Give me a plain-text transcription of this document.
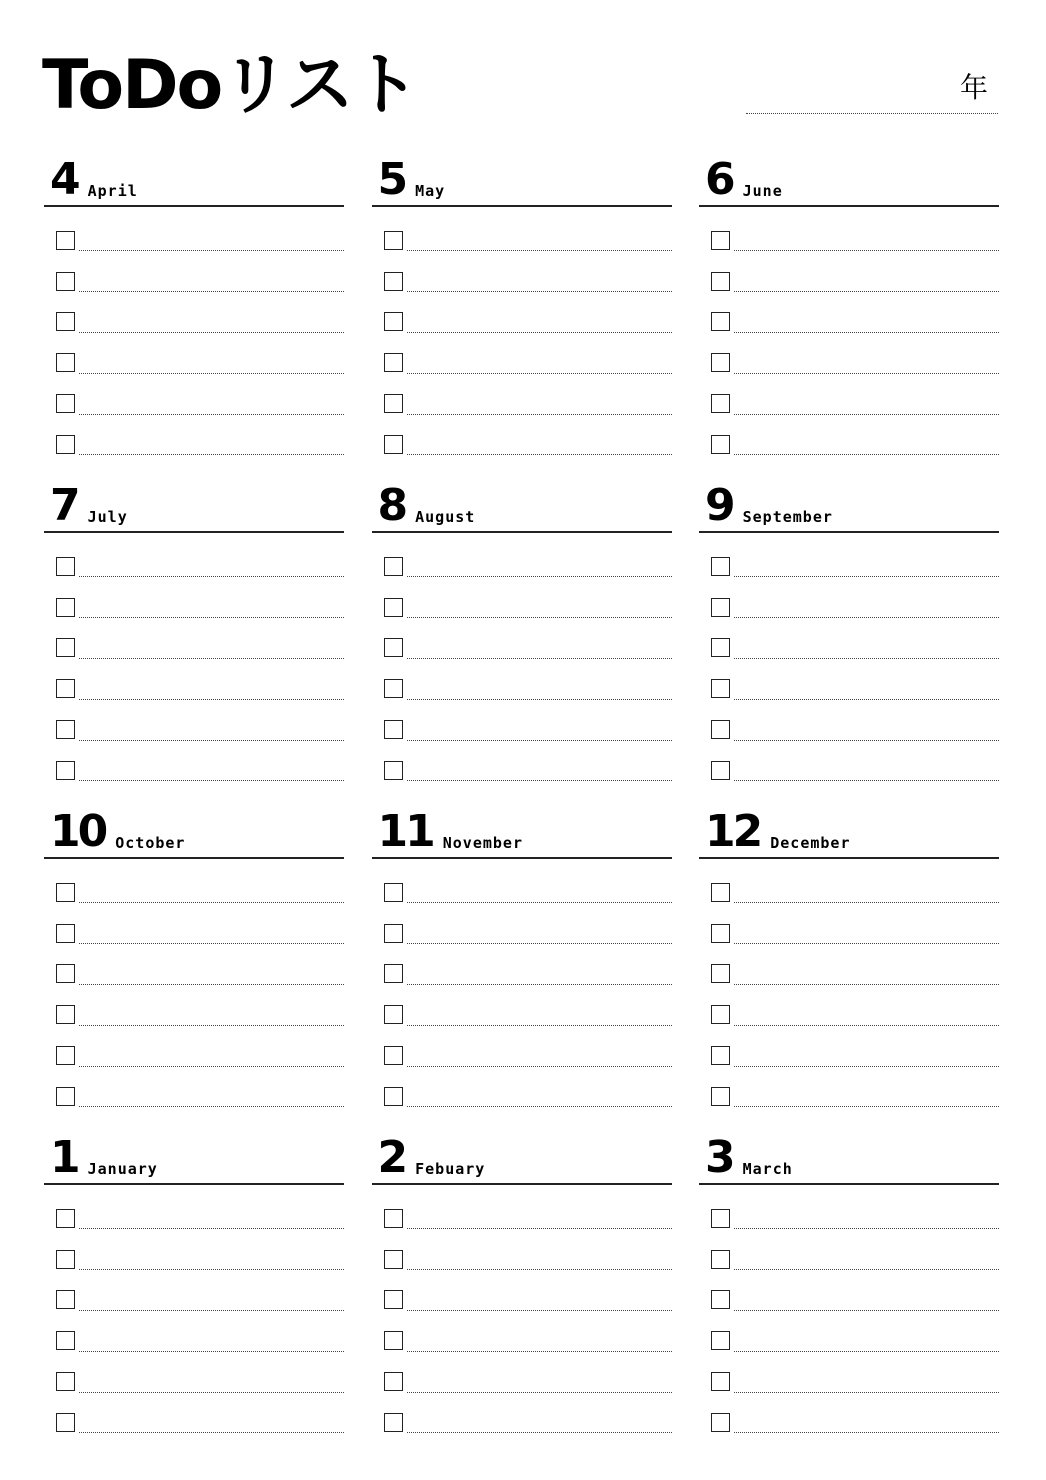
ToDoリスト	年
4 April	5 May	6 June
7 July	8 August	9 September
10 October	11 November	12 December
1 January	2 Febuary	3 March
